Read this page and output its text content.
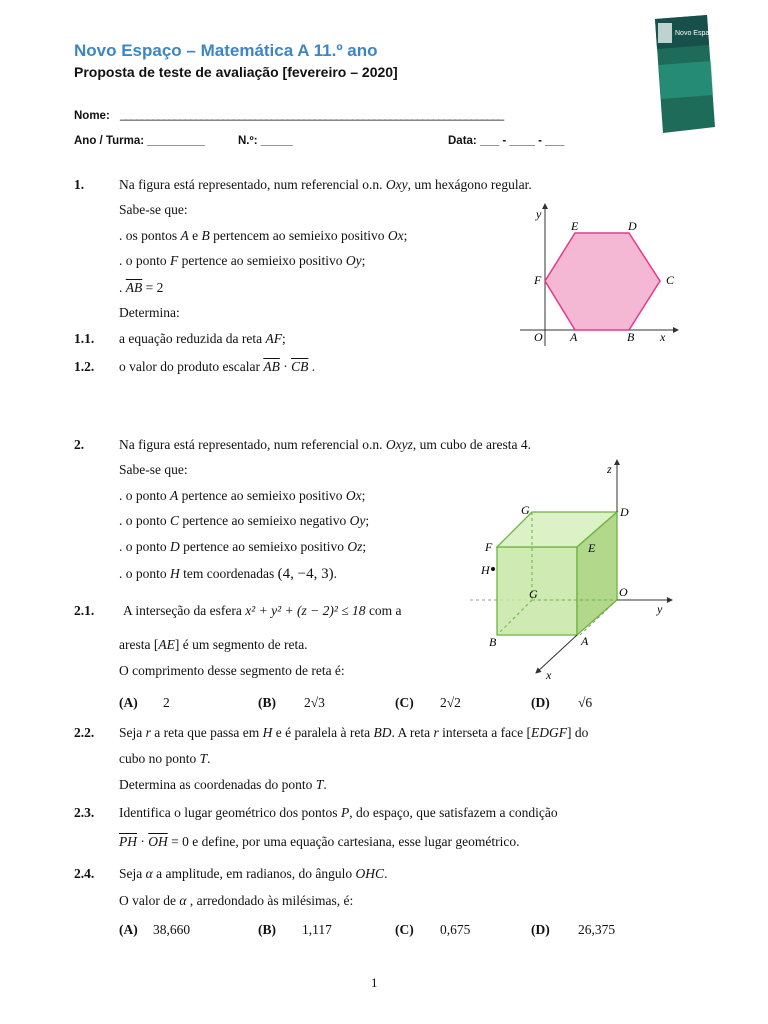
Novo Espaço – Matemática A 11.º ano
Proposta de teste de avaliação [fevereiro – 2020]
Novo Espaço
Nome: _______________________________________________________________________
Ano / Turma: _________	N.º: _____	Data: ___ - ____ - ___
1.	Na figura está representado, num referencial o.n. Oxy, um hexágono regular.
Sabe-se que:
. os pontos A e B pertencem ao semieixo positivo Ox;
. o ponto F pertence ao semieixo positivo Oy;
. $\overline{AB} = 2$
Determina:
1.1. a equação reduzida da reta AF;
1.2. o valor do produto escalar $\overline{AB} \cdot \overline{CB}$ .
y
x
O A	B
C
D
E
F
2.	Na figura está representado, num referencial o.n. Oxyz, um cubo de aresta 4.
Sabe-se que:
. o ponto A pertence ao semieixo positivo Ox;
. o ponto C pertence ao semieixo negativo Oy;
. o ponto D pertence ao semieixo positivo Oz;
. o ponto H tem coordenadas (4, −4, 3).
2.1. A interseção da esfera x² + y² + (z − 2)² ≤ 18 com a
aresta [AE] é um segmento de reta.
O comprimento desse segmento de reta é:
(A) 2	(B) 2√3	(C) 2√2	(D) √6
2.2. Seja r a reta que passa em H e é paralela à reta BD. A reta r interseta a face [EDGF] do
cubo no ponto T.
Determina as coordenadas do ponto T.
2.3. Identifica o lugar geométrico dos pontos P, do espaço, que satisfazem a condição
$\overline{PH} \cdot \overline{OH} = 0$ e define, por uma equação cartesiana, esse lugar geométrico.
2.4. Seja α a amplitude, em radianos, do ângulo OHC.
O valor de α , arredondado às milésimas, é:
(A) 38,660	(B) 1,117	(C) 0,675	(D) 26,375
z
y
x
O
D
G
F	E
H
G
A
B
1
